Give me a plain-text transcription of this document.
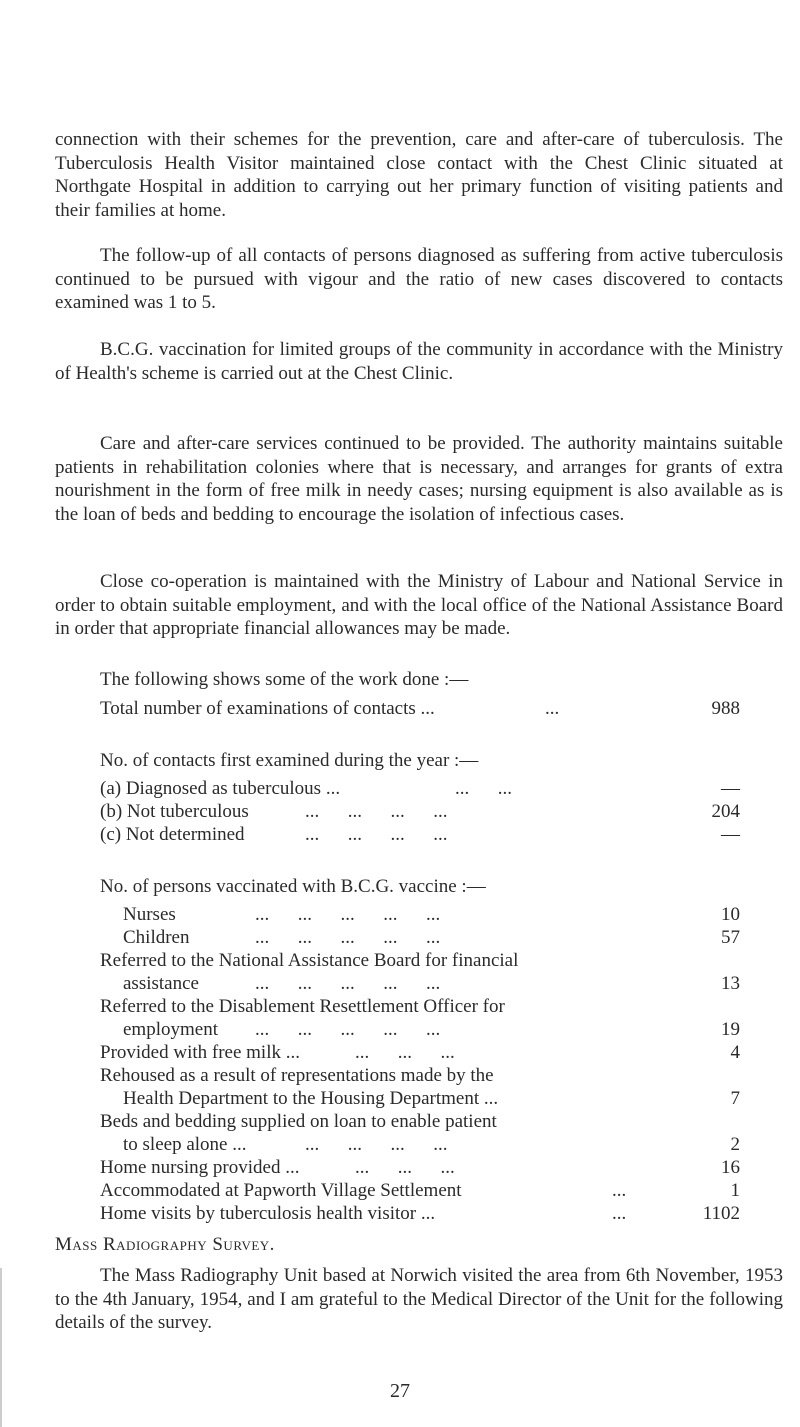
connection with their schemes for the prevention, care and after-care of tuberculosis. The Tuberculosis Health Visitor maintained close contact with the Chest Clinic situated at Northgate Hospital in addition to carrying out her primary function of visiting patients and their families at home.

The follow-up of all contacts of persons diagnosed as suffering from active tuberculosis continued to be pursued with vigour and the ratio of new cases discovered to contacts examined was 1 to 5.

B.C.G. vaccination for limited groups of the community in accordance with the Ministry of Health's scheme is carried out at the Chest Clinic.

Care and after-care services continued to be provided. The authority maintains suitable patients in rehabilitation colonies where that is necessary, and arranges for grants of extra nourishment in the form of free milk in needy cases; nursing equipment is also available as is the loan of beds and bedding to encourage the isolation of infectious cases.

Close co-operation is maintained with the Ministry of Labour and National Service in order to obtain suitable employment, and with the local office of the National Assistance Board in order that appropriate financial allowances may be made.

The following shows some of the work done :—
Total number of examinations of contacts ...	...	988
No. of contacts first examined during the year :—
(a) Diagnosed as tuberculous ...	...      ...	—
(b) Not tuberculous	...      ...      ...      ...	204
(c) Not determined	...      ...      ...      ...	—
No. of persons vaccinated with B.C.G. vaccine :—
Nurses	...      ...      ...      ...      ...	10
Children	...      ...      ...      ...      ...	57
Referred to the National Assistance Board for financial
assistance	...      ...      ...      ...      ...	13
Referred to the Disablement Resettlement Officer for
employment ...      ...      ...      ...      ...	19
Provided with free milk ...	...      ...      ...	4
Rehoused as a result of representations made by the
Health Department to the Housing Department ...	7
Beds and bedding supplied on loan to enable patient
to sleep alone ...	...      ...      ...      ...	2
Home nursing provided ...	...      ...      ...	16
Accommodated at Papworth Village Settlement	...	1
Home visits by tuberculosis health visitor ...	...	1102
Mass Radiography Survey.

The Mass Radiography Unit based at Norwich visited the area from 6th November, 1953 to the 4th January, 1954, and I am grateful to the Medical Director of the Unit for the following details of the survey.

27
